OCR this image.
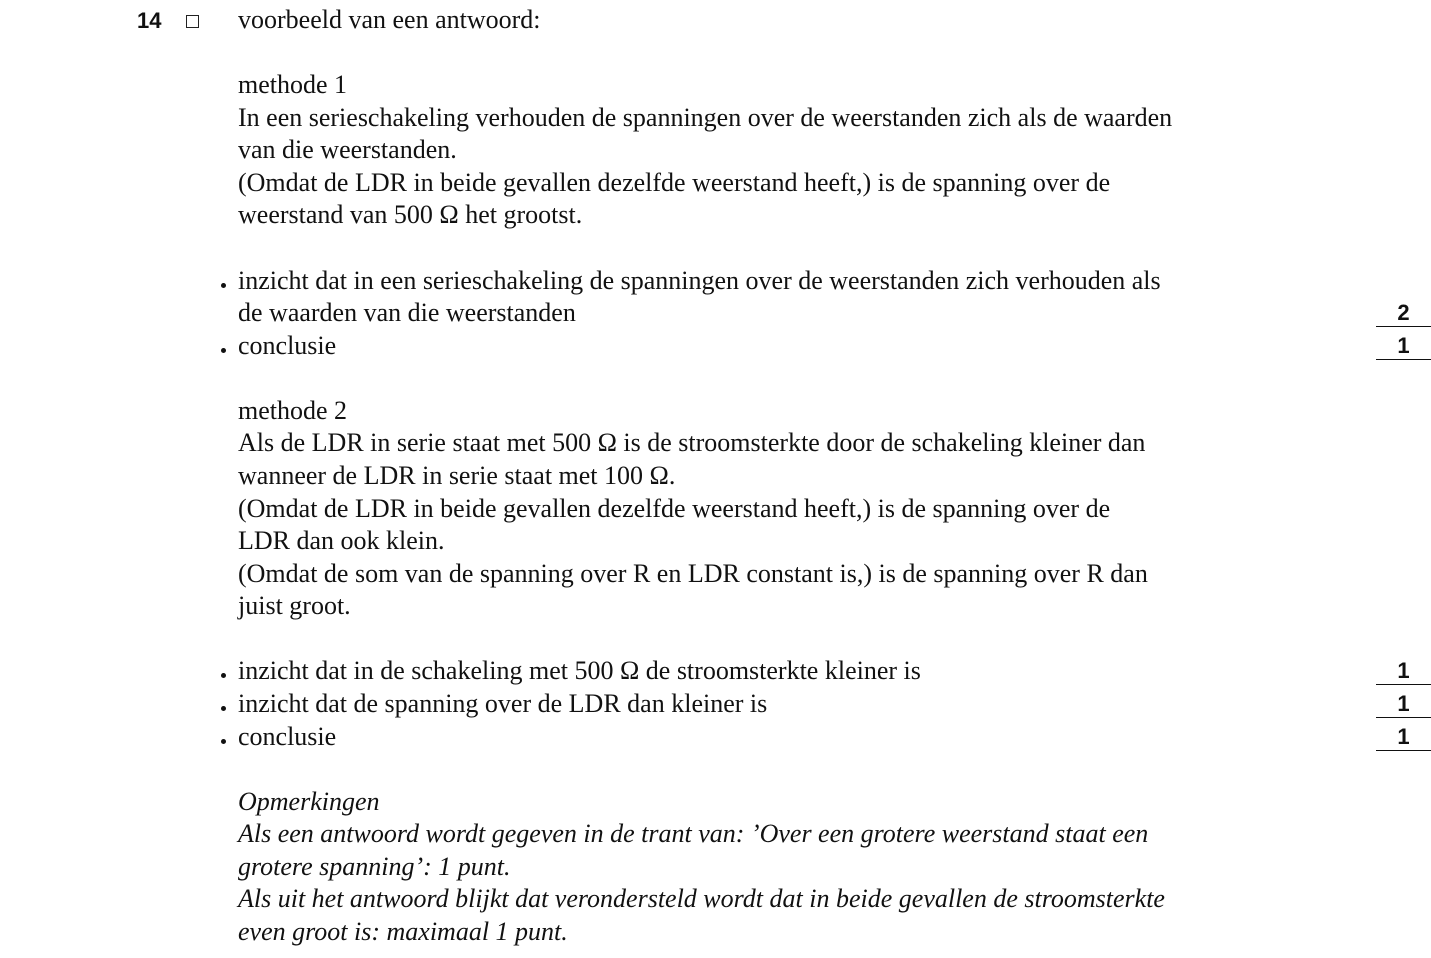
14	voorbeeld van een antwoord:
methode 1
In een serieschakeling verhouden de spanningen over de weerstanden zich als de waarden
van die weerstanden.
(Omdat de LDR in beide gevallen dezelfde weerstand heeft,) is de spanning over de
weerstand van 500 Ω het grootst.
inzicht dat in een serieschakeling de spanningen over de weerstanden zich verhouden als
de waarden van die weerstanden	2
conclusie	1
methode 2
Als de LDR in serie staat met 500 Ω is de stroomsterkte door de schakeling kleiner dan
wanneer de LDR in serie staat met 100 Ω.
(Omdat de LDR in beide gevallen dezelfde weerstand heeft,) is de spanning over de
LDR dan ook klein.
(Omdat de som van de spanning over R en LDR constant is,) is de spanning over R dan
juist groot.
inzicht dat in de schakeling met 500 Ω de stroomsterkte kleiner is	1
inzicht dat de spanning over de LDR dan kleiner is	1
conclusie	1
Opmerkingen
Als een antwoord wordt gegeven in de trant van: ’Over een grotere weerstand staat een
grotere spanning’: 1 punt.
Als uit het antwoord blijkt dat verondersteld wordt dat in beide gevallen de stroomsterkte
even groot is: maximaal 1 punt.
